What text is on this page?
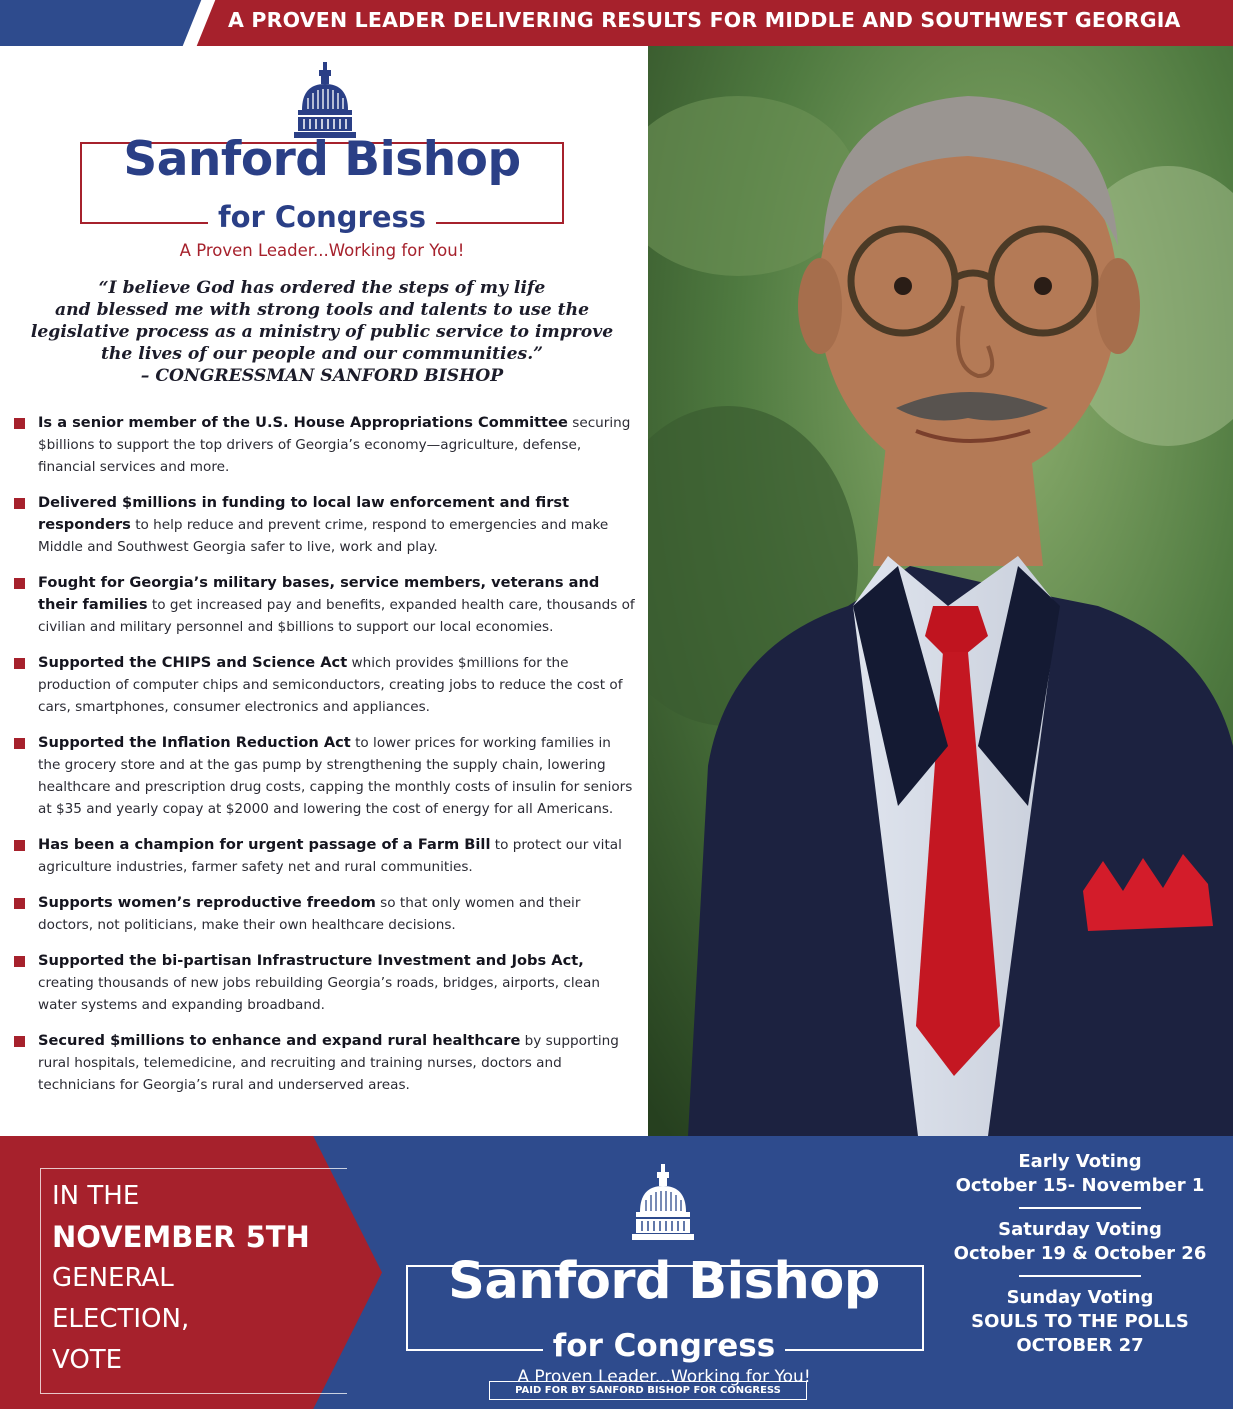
A PROVEN LEADER DELIVERING RESULTS FOR MIDDLE AND SOUTHWEST GEORGIA
Sanford Bishop
for Congress
A Proven Leader...Working for You!
“I believe God has ordered the steps of my life
and blessed me with strong tools and talents to use the
legislative process as a ministry of public service to improve
the lives of our people and our communities.”
– CONGRESSMAN SANFORD BISHOP
Is a senior member of the U.S. House Appropriations Committee securing $billions to support the top drivers of Georgia’s economy—agriculture, defense, financial services and more.
Delivered $millions in funding to local law enforcement and first responders to help reduce and prevent crime, respond to emergencies and make Middle and Southwest Georgia safer to live, work and play.
Fought for Georgia’s military bases, service members, veterans and their families to get increased pay and benefits, expanded health care, thousands of civilian and military personnel and $billions to support our local economies.
Supported the CHIPS and Science Act which provides $millions for the production of computer chips and semiconductors, creating jobs to reduce the cost of cars, smartphones, consumer electronics and appliances.
Supported the Inflation Reduction Act to lower prices for working families in the grocery store and at the gas pump by strengthening the supply chain, lowering healthcare and prescription drug costs, capping the monthly costs of insulin for seniors at $35 and yearly copay at $2000 and lowering the cost of energy for all Americans.
Has been a champion for urgent passage of a Farm Bill to protect our vital agriculture industries, farmer safety net and rural communities.
Supports women’s reproductive freedom so that only women and their doctors, not politicians, make their own healthcare decisions.
Supported the bi-partisan Infrastructure Investment and Jobs Act, creating thousands of new jobs rebuilding Georgia’s roads, bridges, airports, clean water systems and expanding broadband.
Secured $millions to enhance and expand rural healthcare by supporting rural hospitals, telemedicine, and recruiting and training nurses, doctors and technicians for Georgia’s rural and underserved areas.
IN THE
NOVEMBER 5TH
GENERAL
ELECTION,
VOTE
Sanford Bishop
for Congress
A Proven Leader...Working for You!
PAID FOR BY SANFORD BISHOP FOR CONGRESS
Early Voting
October 15- November 1
Saturday Voting
October 19 & October 26
Sunday Voting
SOULS TO THE POLLS
OCTOBER 27
